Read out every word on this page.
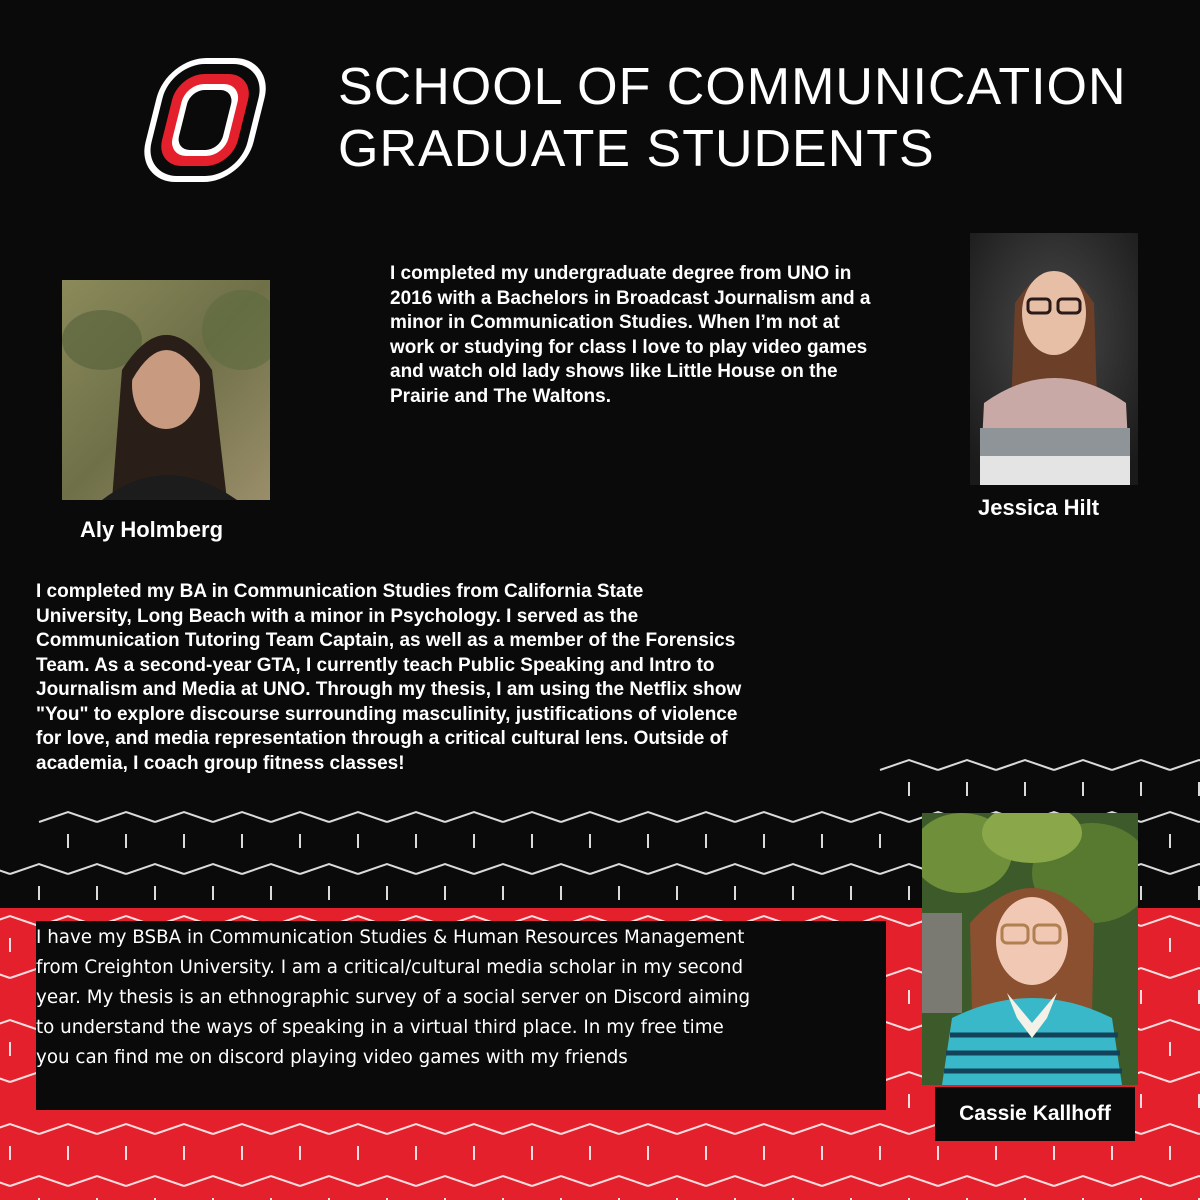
SCHOOL OF COMMUNICATION
GRADUATE STUDENTS
Aly Holmberg
Jessica Hilt
I completed my undergraduate degree from UNO in
2016 with a Bachelors in Broadcast Journalism and a
minor in Communication Studies. When I’m not at
work or studying for class I love to play video games
and watch old lady shows like Little House on the
Prairie and The Waltons.
I completed my BA in Communication Studies from California State
University, Long Beach with a minor in Psychology. I served as the
Communication Tutoring Team Captain, as well as a member of the Forensics
Team. As a second-year GTA, I currently teach Public Speaking and Intro to
Journalism and Media at UNO. Through my thesis, I am using the Netflix show
"You" to explore discourse surrounding masculinity, justifications of violence
for love, and media representation through a critical cultural lens. Outside of
academia, I coach group fitness classes!
I have my BSBA in Communication Studies & Human Resources Management
from Creighton University. I am a critical/cultural media scholar in my second
year. My thesis is an ethnographic survey of a social server on Discord aiming
to understand the ways of speaking in a virtual third place. In my free time
you can find me on discord playing video games with my friends
Cassie Kallhoff
